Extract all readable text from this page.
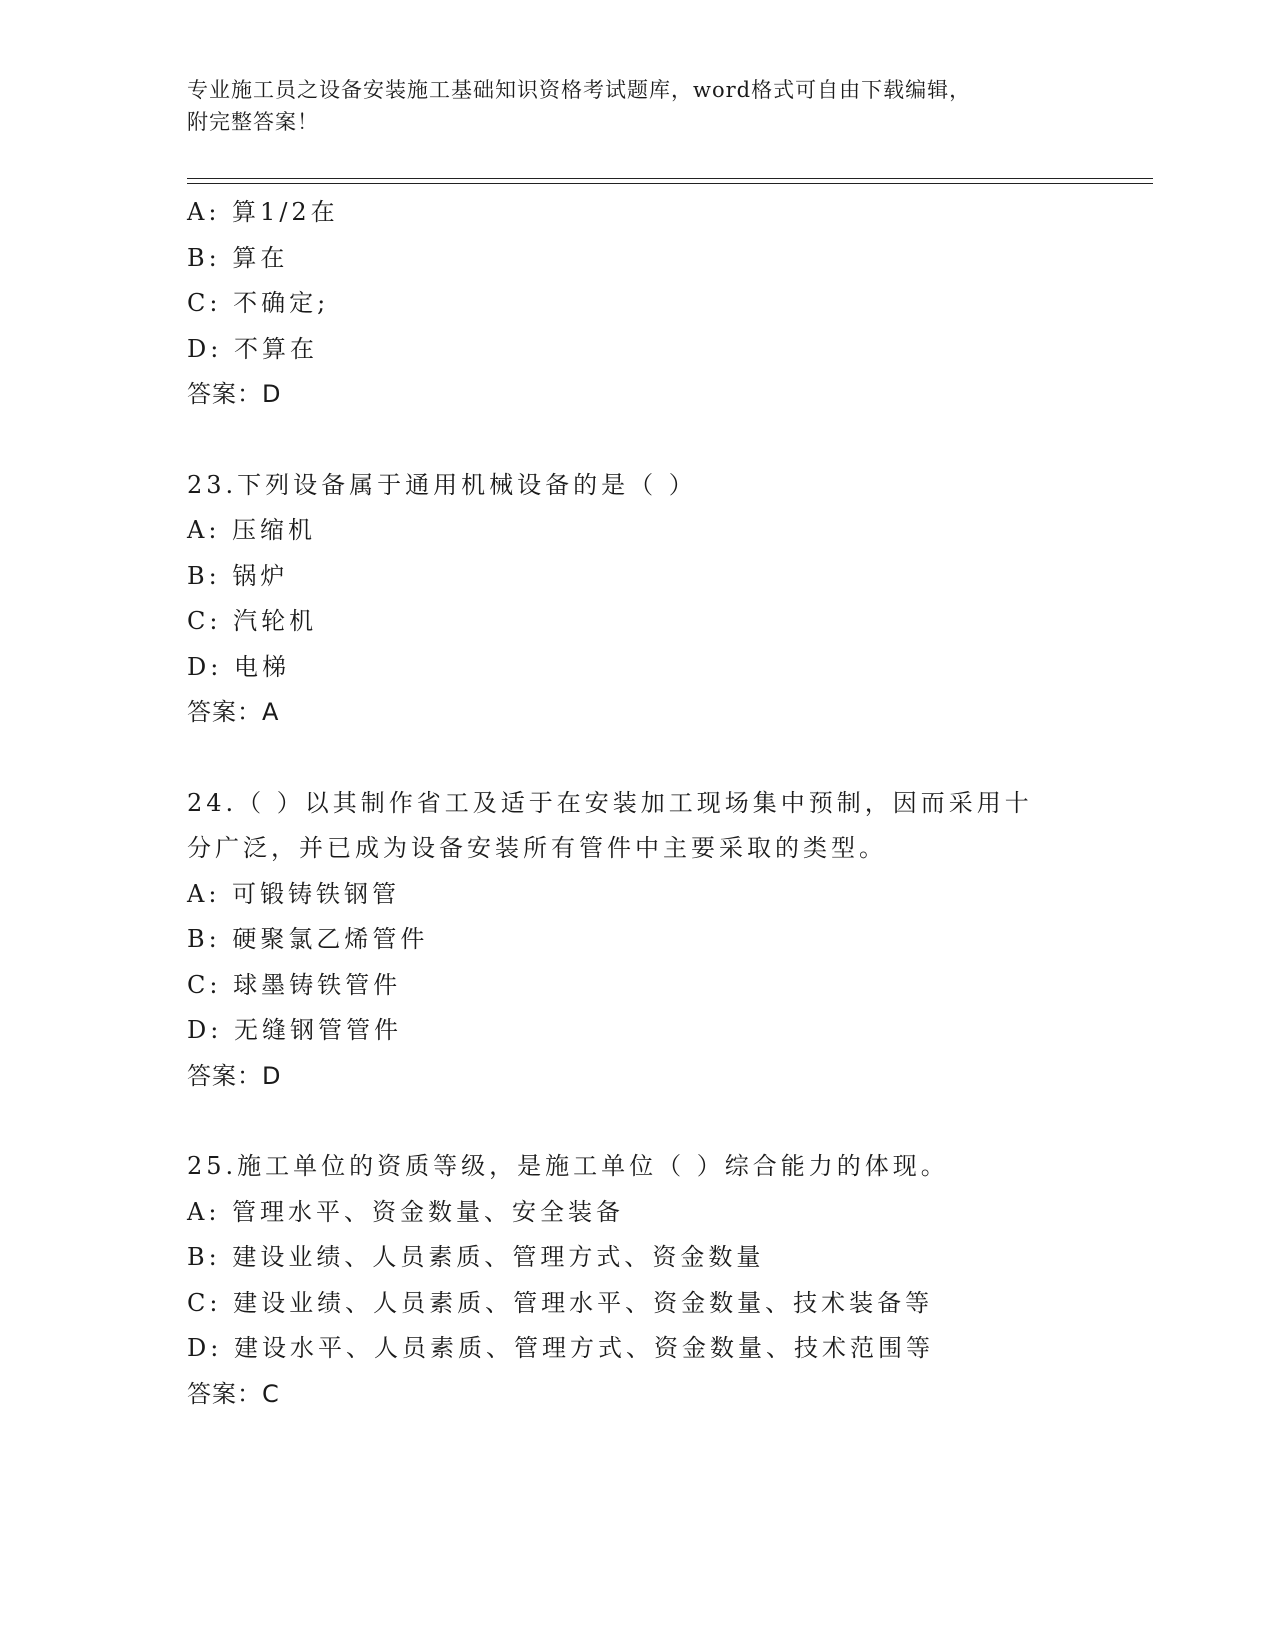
专业施工员之设备安装施工基础知识资格考试题库，word格式可自由下载编辑，
附完整答案！
A: 算1/2在
B: 算在
C: 不确定;
D: 不算在
答案：D
23.下列设备属于通用机械设备的是（ ）
A: 压缩机
B: 锅炉
C: 汽轮机
D: 电梯
答案：A
24.（ ）以其制作省工及适于在安装加工现场集中预制，因而采用十
分广泛，并已成为设备安装所有管件中主要采取的类型。
A: 可锻铸铁钢管
B: 硬聚氯乙烯管件
C: 球墨铸铁管件
D: 无缝钢管管件
答案：D
25.施工单位的资质等级，是施工单位（ ）综合能力的体现。
A: 管理水平、资金数量、安全装备
B: 建设业绩、人员素质、管理方式、资金数量
C: 建设业绩、人员素质、管理水平、资金数量、技术装备等
D: 建设水平、人员素质、管理方式、资金数量、技术范围等
答案：C
